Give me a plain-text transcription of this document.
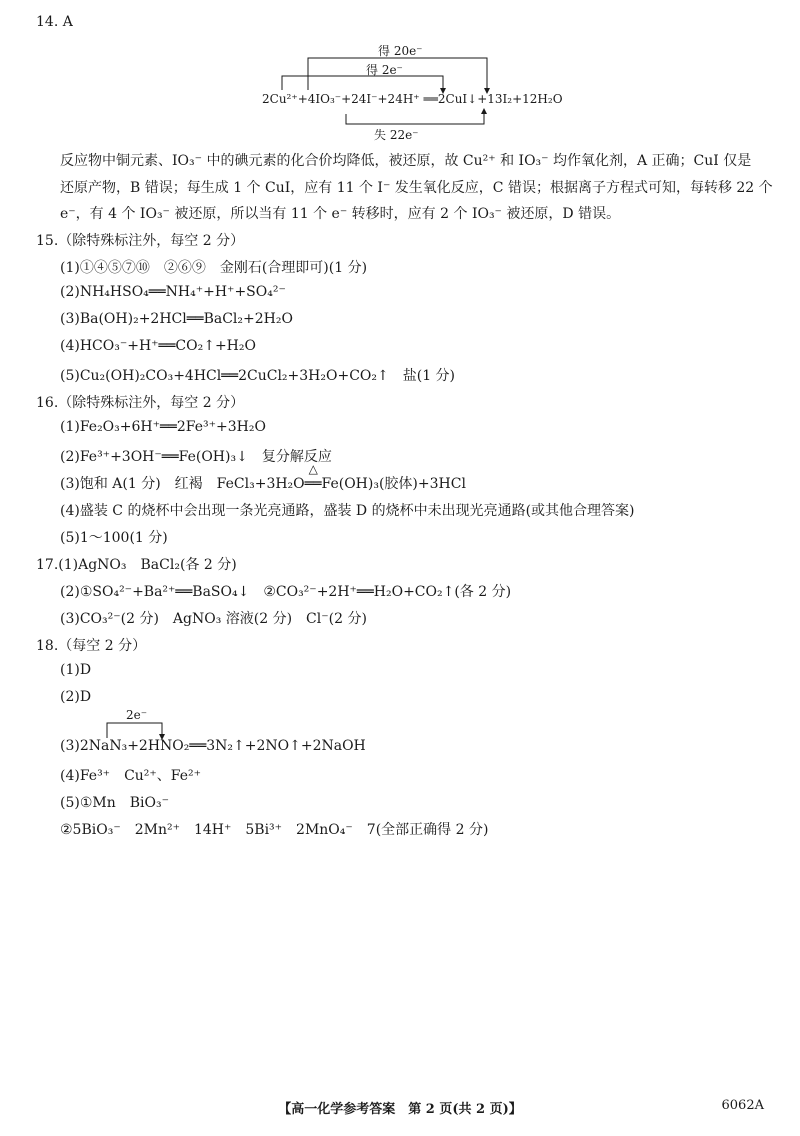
14. A
得 20e⁻
得 2e⁻
2Cu²⁺+4IO₃⁻+24I⁻+24H⁺ ══2CuI↓+13I₂+12H₂O
失 22e⁻
反应物中铜元素、IO₃⁻ 中的碘元素的化合价均降低，被还原，故 Cu²⁺ 和 IO₃⁻ 均作氧化剂，A 正确；CuI 仅是
还原产物，B 错误；每生成 1 个 CuI，应有 11 个 I⁻ 发生氧化反应，C 错误；根据离子方程式可知，每转移 22 个
e⁻，有 4 个 IO₃⁻ 被还原，所以当有 11 个 e⁻ 转移时，应有 2 个 IO₃⁻ 被还原，D 错误。
15.（除特殊标注外，每空 2 分）
(1)①④⑤⑦⑩　②⑥⑨　金刚石(合理即可)(1 分)
(2)NH₄HSO₄══NH₄⁺+H⁺+SO₄²⁻
(3)Ba(OH)₂+2HCl══BaCl₂+2H₂O
(4)HCO₃⁻+H⁺══CO₂↑+H₂O
(5)Cu₂(OH)₂CO₃+4HCl══2CuCl₂+3H₂O+CO₂↑　盐(1 分)
16.（除特殊标注外，每空 2 分）
(1)Fe₂O₃+6H⁺══2Fe³⁺+3H₂O
(2)Fe³⁺+3OH⁻══Fe(OH)₃↓　复分解反应
(3)饱和 A(1 分)　红褐　FeCl₃+3H₂O
△
══Fe(OH)₃(胶体)+3HCl
(4)盛装 C 的烧杯中会出现一条光亮通路，盛装 D 的烧杯中未出现光亮通路(或其他合理答案)
(5)1～100(1 分)
17.(1)AgNO₃　BaCl₂(各 2 分)
(2)①SO₄²⁻+Ba²⁺══BaSO₄↓　②CO₃²⁻+2H⁺══H₂O+CO₂↑(各 2 分)
(3)CO₃²⁻(2 分)　AgNO₃ 溶液(2 分)　Cl⁻(2 分)
18.（每空 2 分）
(1)D
(2)D
2e⁻
(3)2NaN₃+2HNO₂══3N₂↑+2NO↑+2NaOH
(4)Fe³⁺　Cu²⁺、Fe²⁺
(5)①Mn　BiO₃⁻
②5BiO₃⁻　2Mn²⁺　14H⁺　5Bi³⁺　2MnO₄⁻　7(全部正确得 2 分)
【高一化学参考答案　第 2 页(共 2 页)】	6062A
